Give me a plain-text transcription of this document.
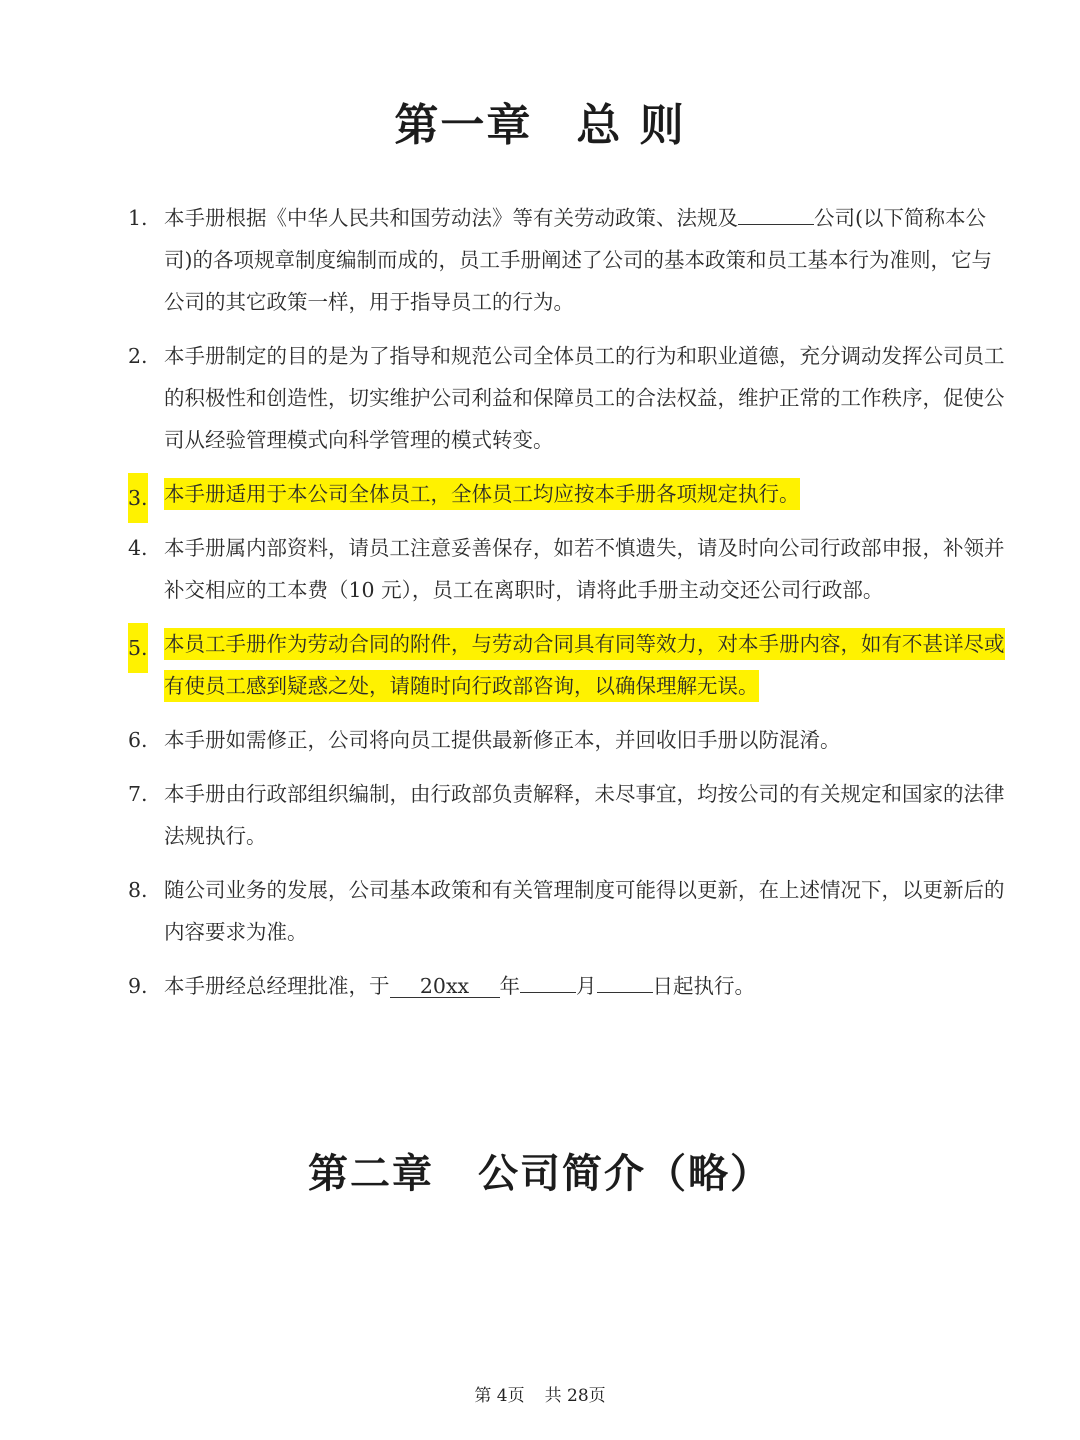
第一章 总 则
1. 本手册根据《中华人民共和国劳动法》等有关劳动政策、法规及	公司(以下简称本公司)的各项规章制度编制而成的，员工手册阐述了公司的基本政策和员工基本行为准则，它与公司的其它政策一样，用于指导员工的行为。
2. 本手册制定的目的是为了指导和规范公司全体员工的行为和职业道德，充分调动发挥公司员工的积极性和创造性，切实维护公司利益和保障员工的合法权益，维护正常的工作秩序，促使公司从经验管理模式向科学管理的模式转变。
3. 本手册适用于本公司全体员工，全体员工均应按本手册各项规定执行。
4. 本手册属内部资料，请员工注意妥善保存，如若不慎遗失，请及时向公司行政部申报，补领并补交相应的工本费（10 元），员工在离职时，请将此手册主动交还公司行政部。
5. 本员工手册作为劳动合同的附件，与劳动合同具有同等效力，对本手册内容，如有不甚详尽或有使员工感到疑惑之处，请随时向行政部咨询，以确保理解无误。
6. 本手册如需修正，公司将向员工提供最新修正本，并回收旧手册以防混淆。
7. 本手册由行政部组织编制，由行政部负责解释，未尽事宜，均按公司的有关规定和国家的法律法规执行。
8. 随公司业务的发展，公司基本政策和有关管理制度可能得以更新，在上述情况下，以更新后的内容要求为准。
9. 本手册经总经理批准，于 20xx 年	月	日起执行。
第二章 公司简介（略）
第 4页 共 28页
